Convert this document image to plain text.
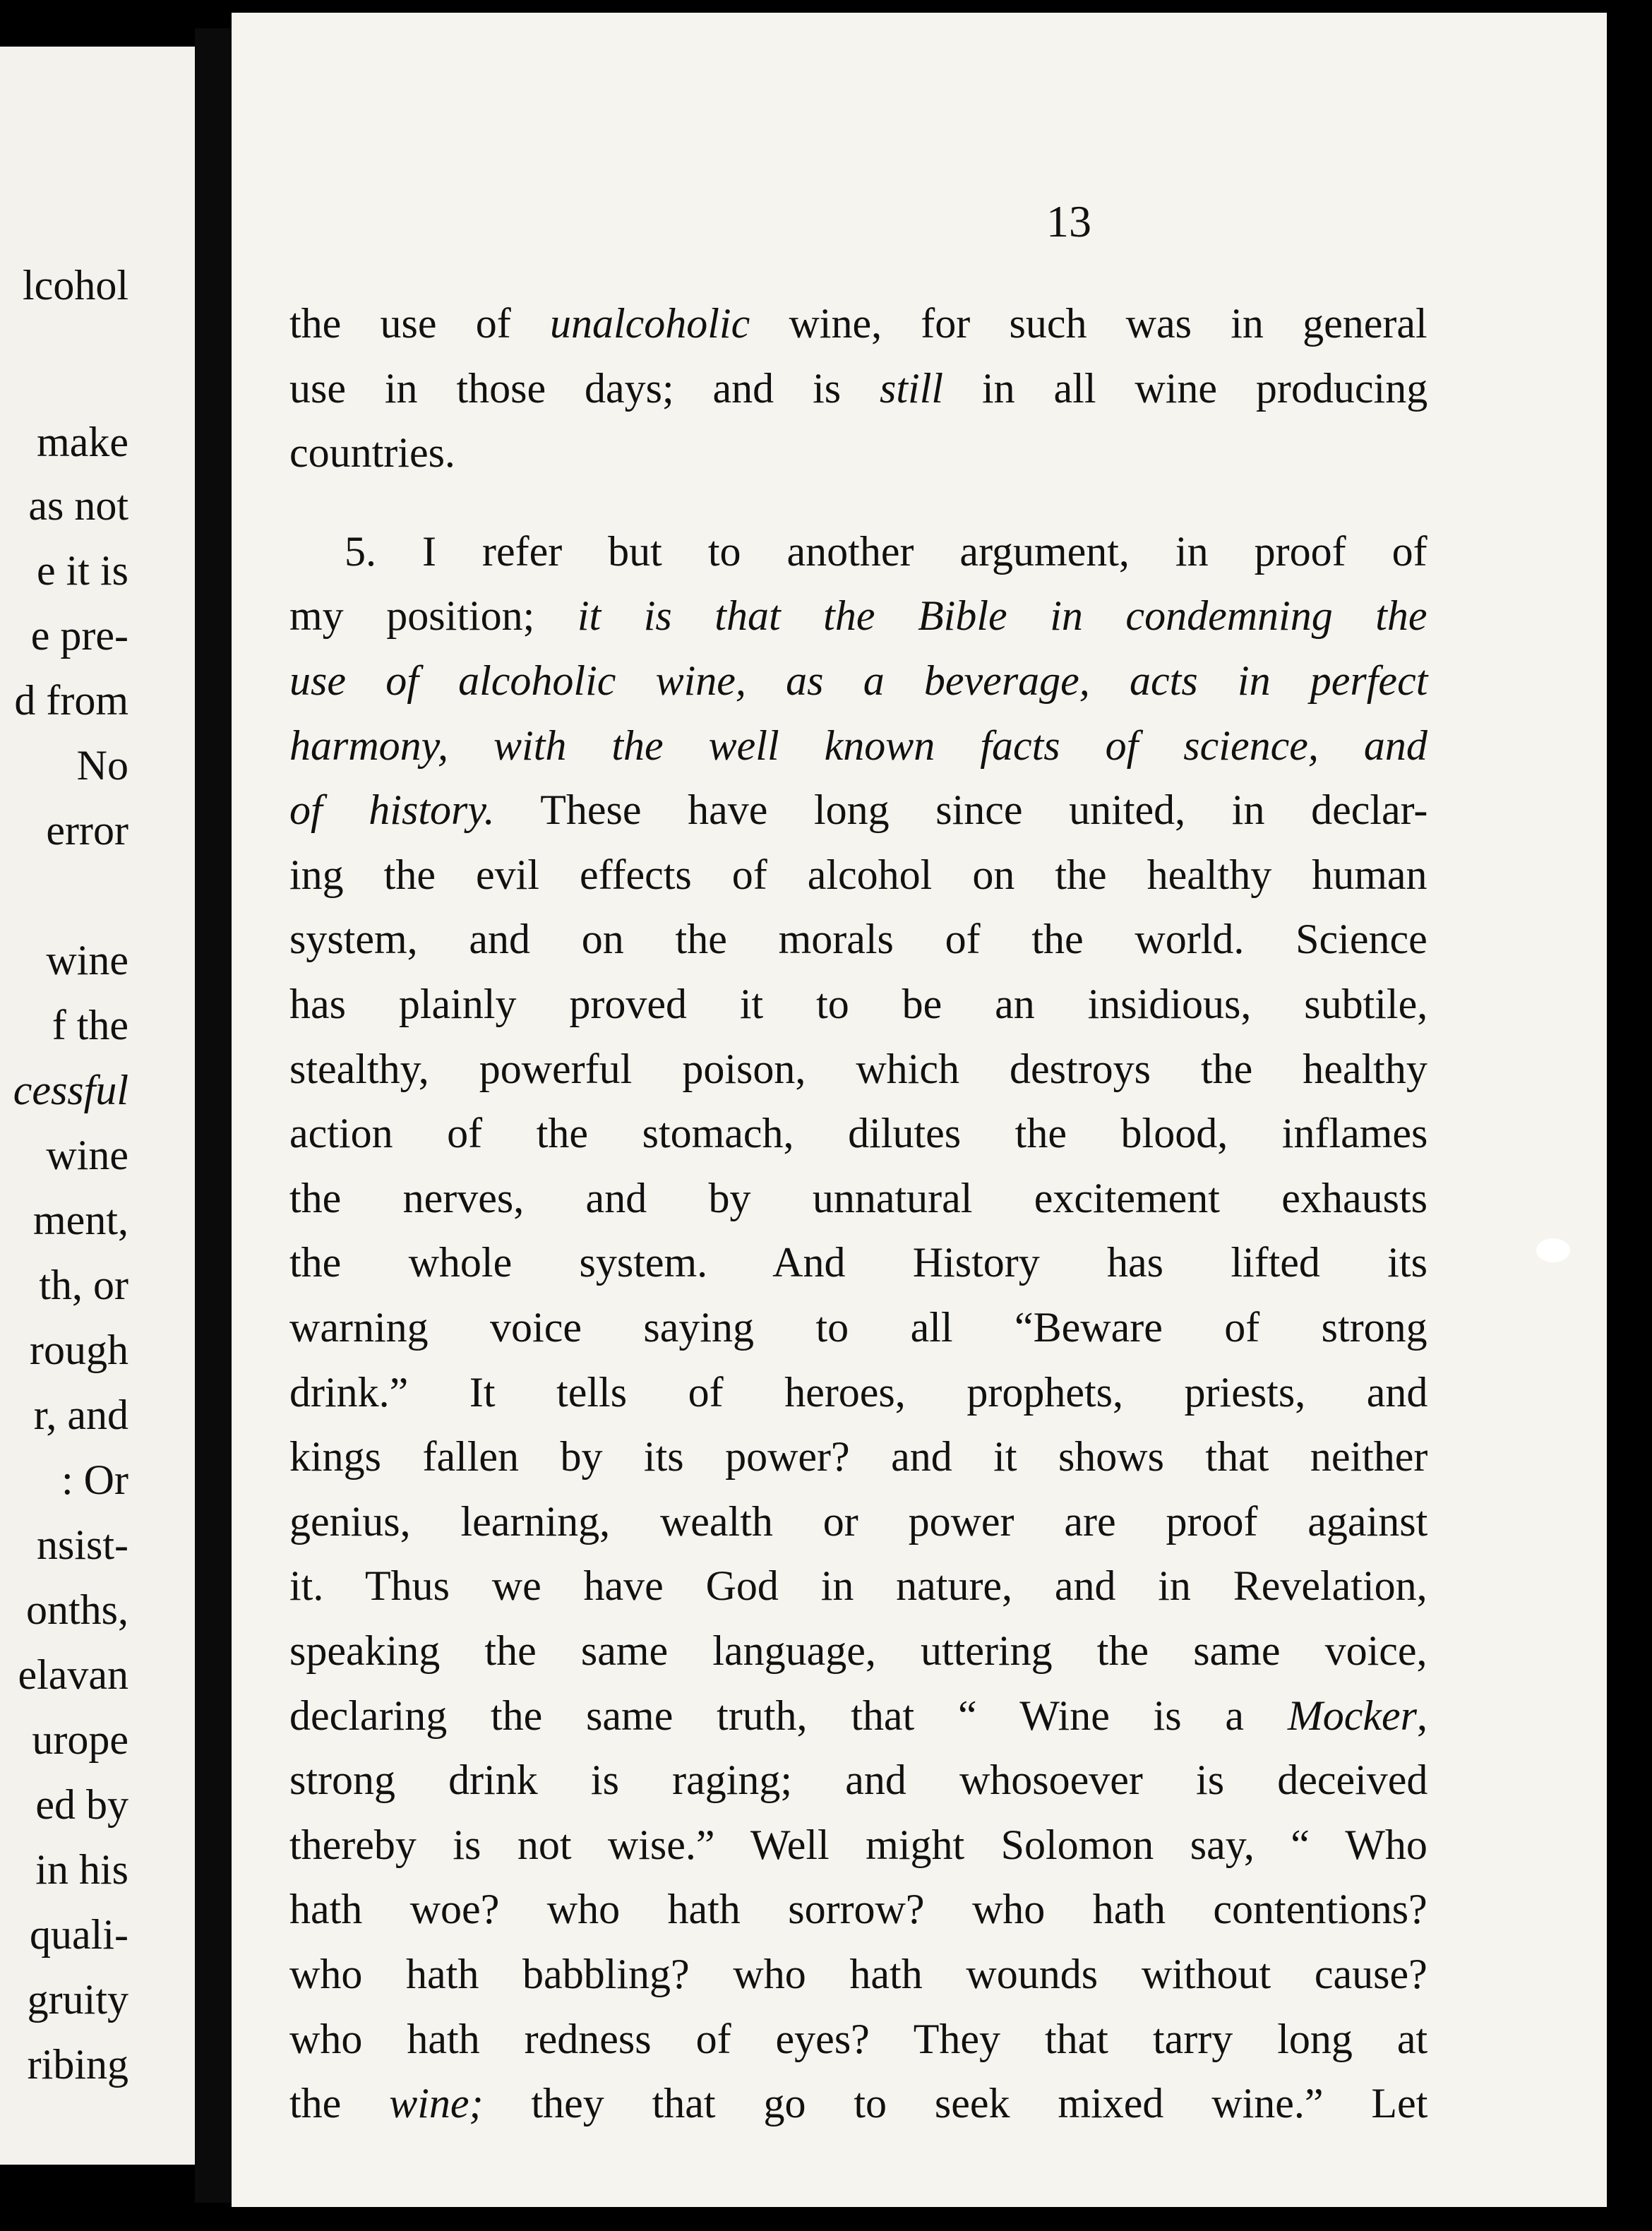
lcohol
make
as not
e it is
e pre-
d from
No
error
wine
f the
cessful
wine
ment,
th, or
rough
r, and
: Or
nsist-
onths,
elavan
urope
ed by
in his
quali-
gruity
ribing
13
the use of unalcoholic wine, for such was in general
use in those days; and is still in all wine producing
countries.
5. I refer but to another argument, in proof of
my position; it is that the Bible in condemning the
use of alcoholic wine, as a beverage, acts in perfect
harmony, with the well known facts of science, and
of history. These have long since united, in declar-
ing the evil effects of alcohol on the healthy human
system, and on the morals of the world. Science
has plainly proved it to be an insidious, subtile,
stealthy, powerful poison, which destroys the healthy
action of the stomach, dilutes the blood, inflames
the nerves, and by unnatural excitement exhausts
the whole system. And History has lifted its
warning voice saying to all “Beware of strong
drink.” It tells of heroes, prophets, priests, and
kings fallen by its power? and it shows that neither
genius, learning, wealth or power are proof against
it. Thus we have God in nature, and in Revelation,
speaking the same language, uttering the same voice,
declaring the same truth, that “ Wine is a Mocker,
strong drink is raging; and whosoever is deceived
thereby is not wise.” Well might Solomon say, “ Who
hath woe? who hath sorrow? who hath contentions?
who hath babbling? who hath wounds without cause?
who hath redness of eyes? They that tarry long at
the wine; they that go to seek mixed wine.” Let
